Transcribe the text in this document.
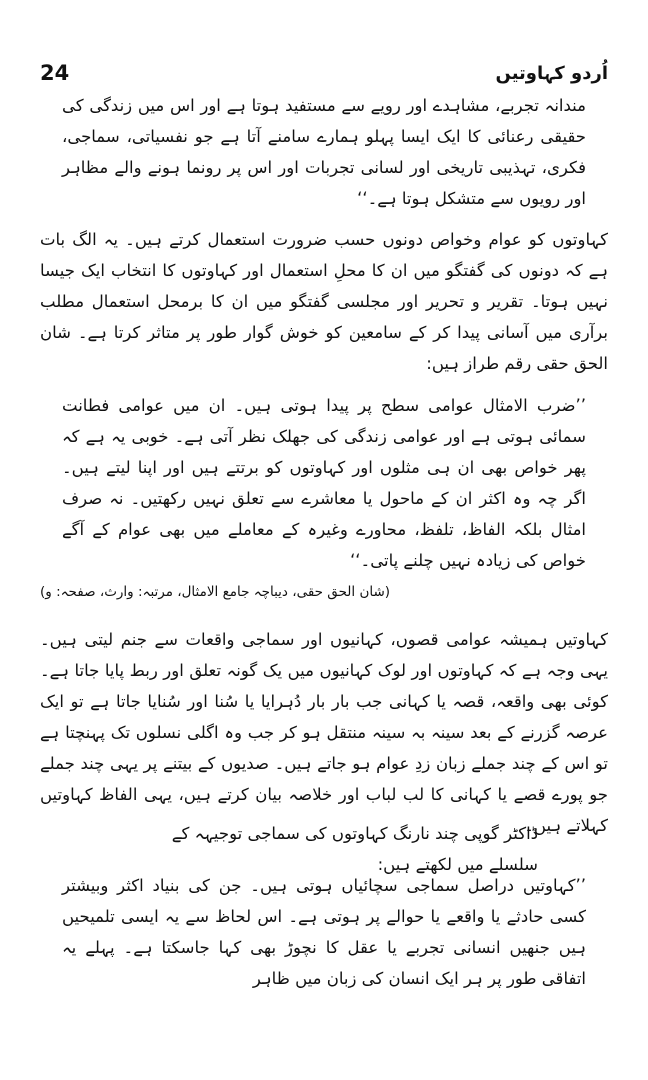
24	اُردو کہاوتیں

مندانہ تجربے، مشاہدے اور رویے سے مستفید ہوتا ہے اور اس میں زندگی کی حقیقی رعنائی کا ایک ایسا پہلو ہمارے سامنے آتا ہے جو نفسیاتی، سماجی، فکری، تہذیبی تاریخی اور لسانی تجربات اور اس پر رونما ہونے والے مظاہر اور رویوں سے متشکل ہوتا ہے۔‘‘

کہاوتوں کو عوام وخواص دونوں حسب ضرورت استعمال کرتے ہیں۔ یہ الگ بات ہے کہ دونوں کی گفتگو میں ان کا محلِ استعمال اور کہاوتوں کا انتخاب ایک جیسا نہیں ہوتا۔ تقریر و تحریر اور مجلسی گفتگو میں ان کا برمحل استعمال مطلب برآری میں آسانی پیدا کر کے سامعین کو خوش گوار طور پر متاثر کرتا ہے۔ شان الحق حقی رقم طراز ہیں:

’’ضرب الامثال عوامی سطح پر پیدا ہوتی ہیں۔ ان میں عوامی فطانت سمائی ہوتی ہے اور عوامی زندگی کی جھلک نظر آتی ہے۔ خوبی یہ ہے کہ پھر خواص بھی ان ہی مثلوں اور کہاوتوں کو برتتے ہیں اور اپنا لیتے ہیں۔ اگر چہ وہ اکثر ان کے ماحول یا معاشرے سے تعلق نہیں رکھتیں۔ نہ صرف امثال بلکہ الفاظ، تلفظ، محاورے وغیرہ کے معاملے میں بھی عوام کے آگے خواص کی زیادہ نہیں چلنے پاتی۔‘‘

(شان الحق حقی، دیباچہ جامع الامثال، مرتبہ: وارث، صفحہ: و)

کہاوتیں ہمیشہ عوامی قصوں، کہانیوں اور سماجی واقعات سے جنم لیتی ہیں۔ یہی وجہ ہے کہ کہاوتوں اور لوک کہانیوں میں یک گونہ تعلق اور ربط پایا جاتا ہے۔ کوئی بھی واقعہ، قصہ یا کہانی جب بار بار دُہرایا یا سُنا اور سُنایا جاتا ہے تو ایک عرصہ گزرنے کے بعد سینہ بہ سینہ منتقل ہو کر جب وہ اگلی نسلوں تک پہنچتا ہے تو اس کے چند جملے زبان زدِ عوام ہو جاتے ہیں۔ صدیوں کے بیتنے پر یہی چند جملے جو پورے قصے یا کہانی کا لب لباب اور خلاصہ بیان کرتے ہیں، یہی الفاظ کہاوتیں کہلاتے ہیں۔

ڈاکٹر گوپی چند نارنگ کہاوتوں کی سماجی توجیہہ کے سلسلے میں لکھتے ہیں:

’’کہاوتیں دراصل سماجی سچائیاں ہوتی ہیں۔ جن کی بنیاد اکثر وبیشتر کسی حادثے یا واقعے یا حوالے پر ہوتی ہے۔ اس لحاظ سے یہ ایسی تلمیحیں ہیں جنھیں انسانی تجربے یا عقل کا نچوڑ بھی کہا جاسکتا ہے۔ پہلے یہ اتفاقی طور پر ہر ایک انسان کی زبان میں ظاہر
